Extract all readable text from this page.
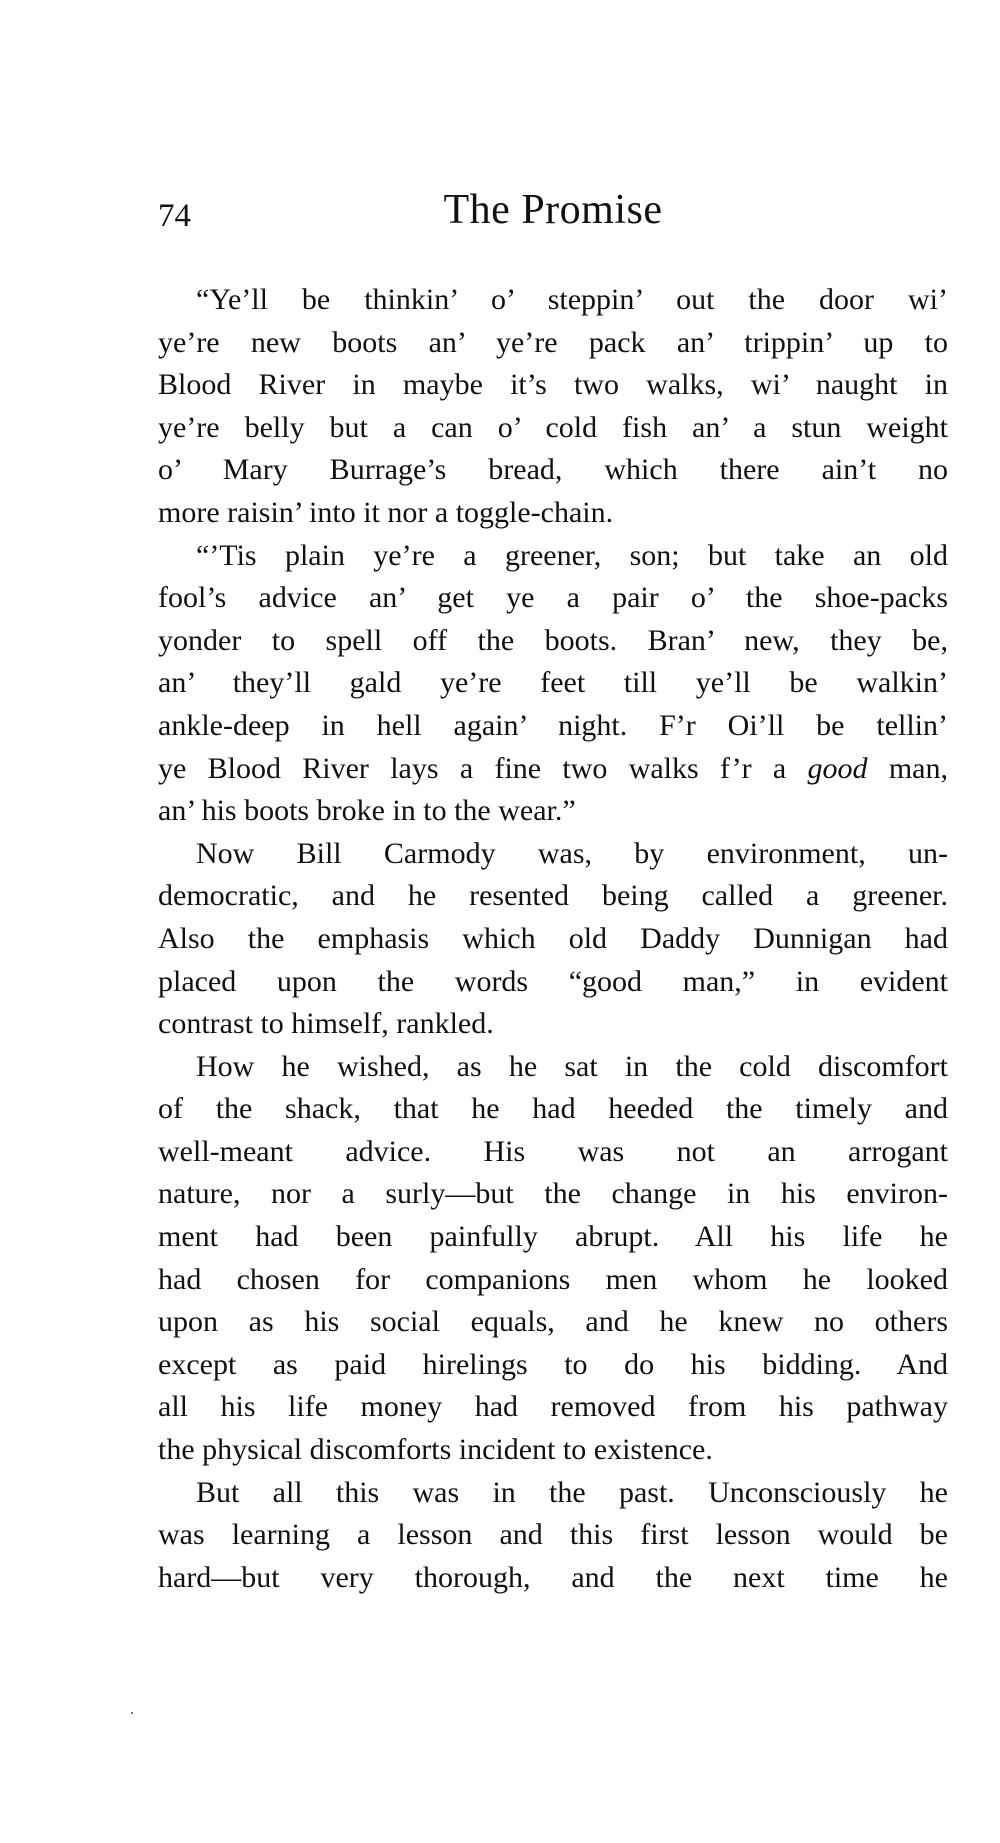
74	The Promise

“Ye’ll be thinkin’ o’ steppin’ out the door wi’
ye’re new boots an’ ye’re pack an’ trippin’ up to
Blood River in maybe it’s two walks, wi’ naught in
ye’re belly but a can o’ cold fish an’ a stun weight
o’ Mary Burrage’s bread, which there ain’t no
more raisin’ into it nor a toggle-chain.

“’Tis plain ye’re a greener, son; but take an old
fool’s advice an’ get ye a pair o’ the shoe-packs
yonder to spell off the boots. Bran’ new, they be,
an’ they’ll gald ye’re feet till ye’ll be walkin’
ankle-deep in hell again’ night. F’r Oi’ll be tellin’
ye Blood River lays a fine two walks f’r a good man,
an’ his boots broke in to the wear.”

Now Bill Carmody was, by environment, un-
democratic, and he resented being called a greener.
Also the emphasis which old Daddy Dunnigan had
placed upon the words “good man,” in evident
contrast to himself, rankled.

How he wished, as he sat in the cold discomfort
of the shack, that he had heeded the timely and
well-meant advice. His was not an arrogant
nature, nor a surly—but the change in his environ-
ment had been painfully abrupt. All his life he
had chosen for companions men whom he looked
upon as his social equals, and he knew no others
except as paid hirelings to do his bidding. And
all his life money had removed from his pathway
the physical discomforts incident to existence.

But all this was in the past. Unconsciously he
was learning a lesson and this first lesson would be
hard—but very thorough, and the next time he
